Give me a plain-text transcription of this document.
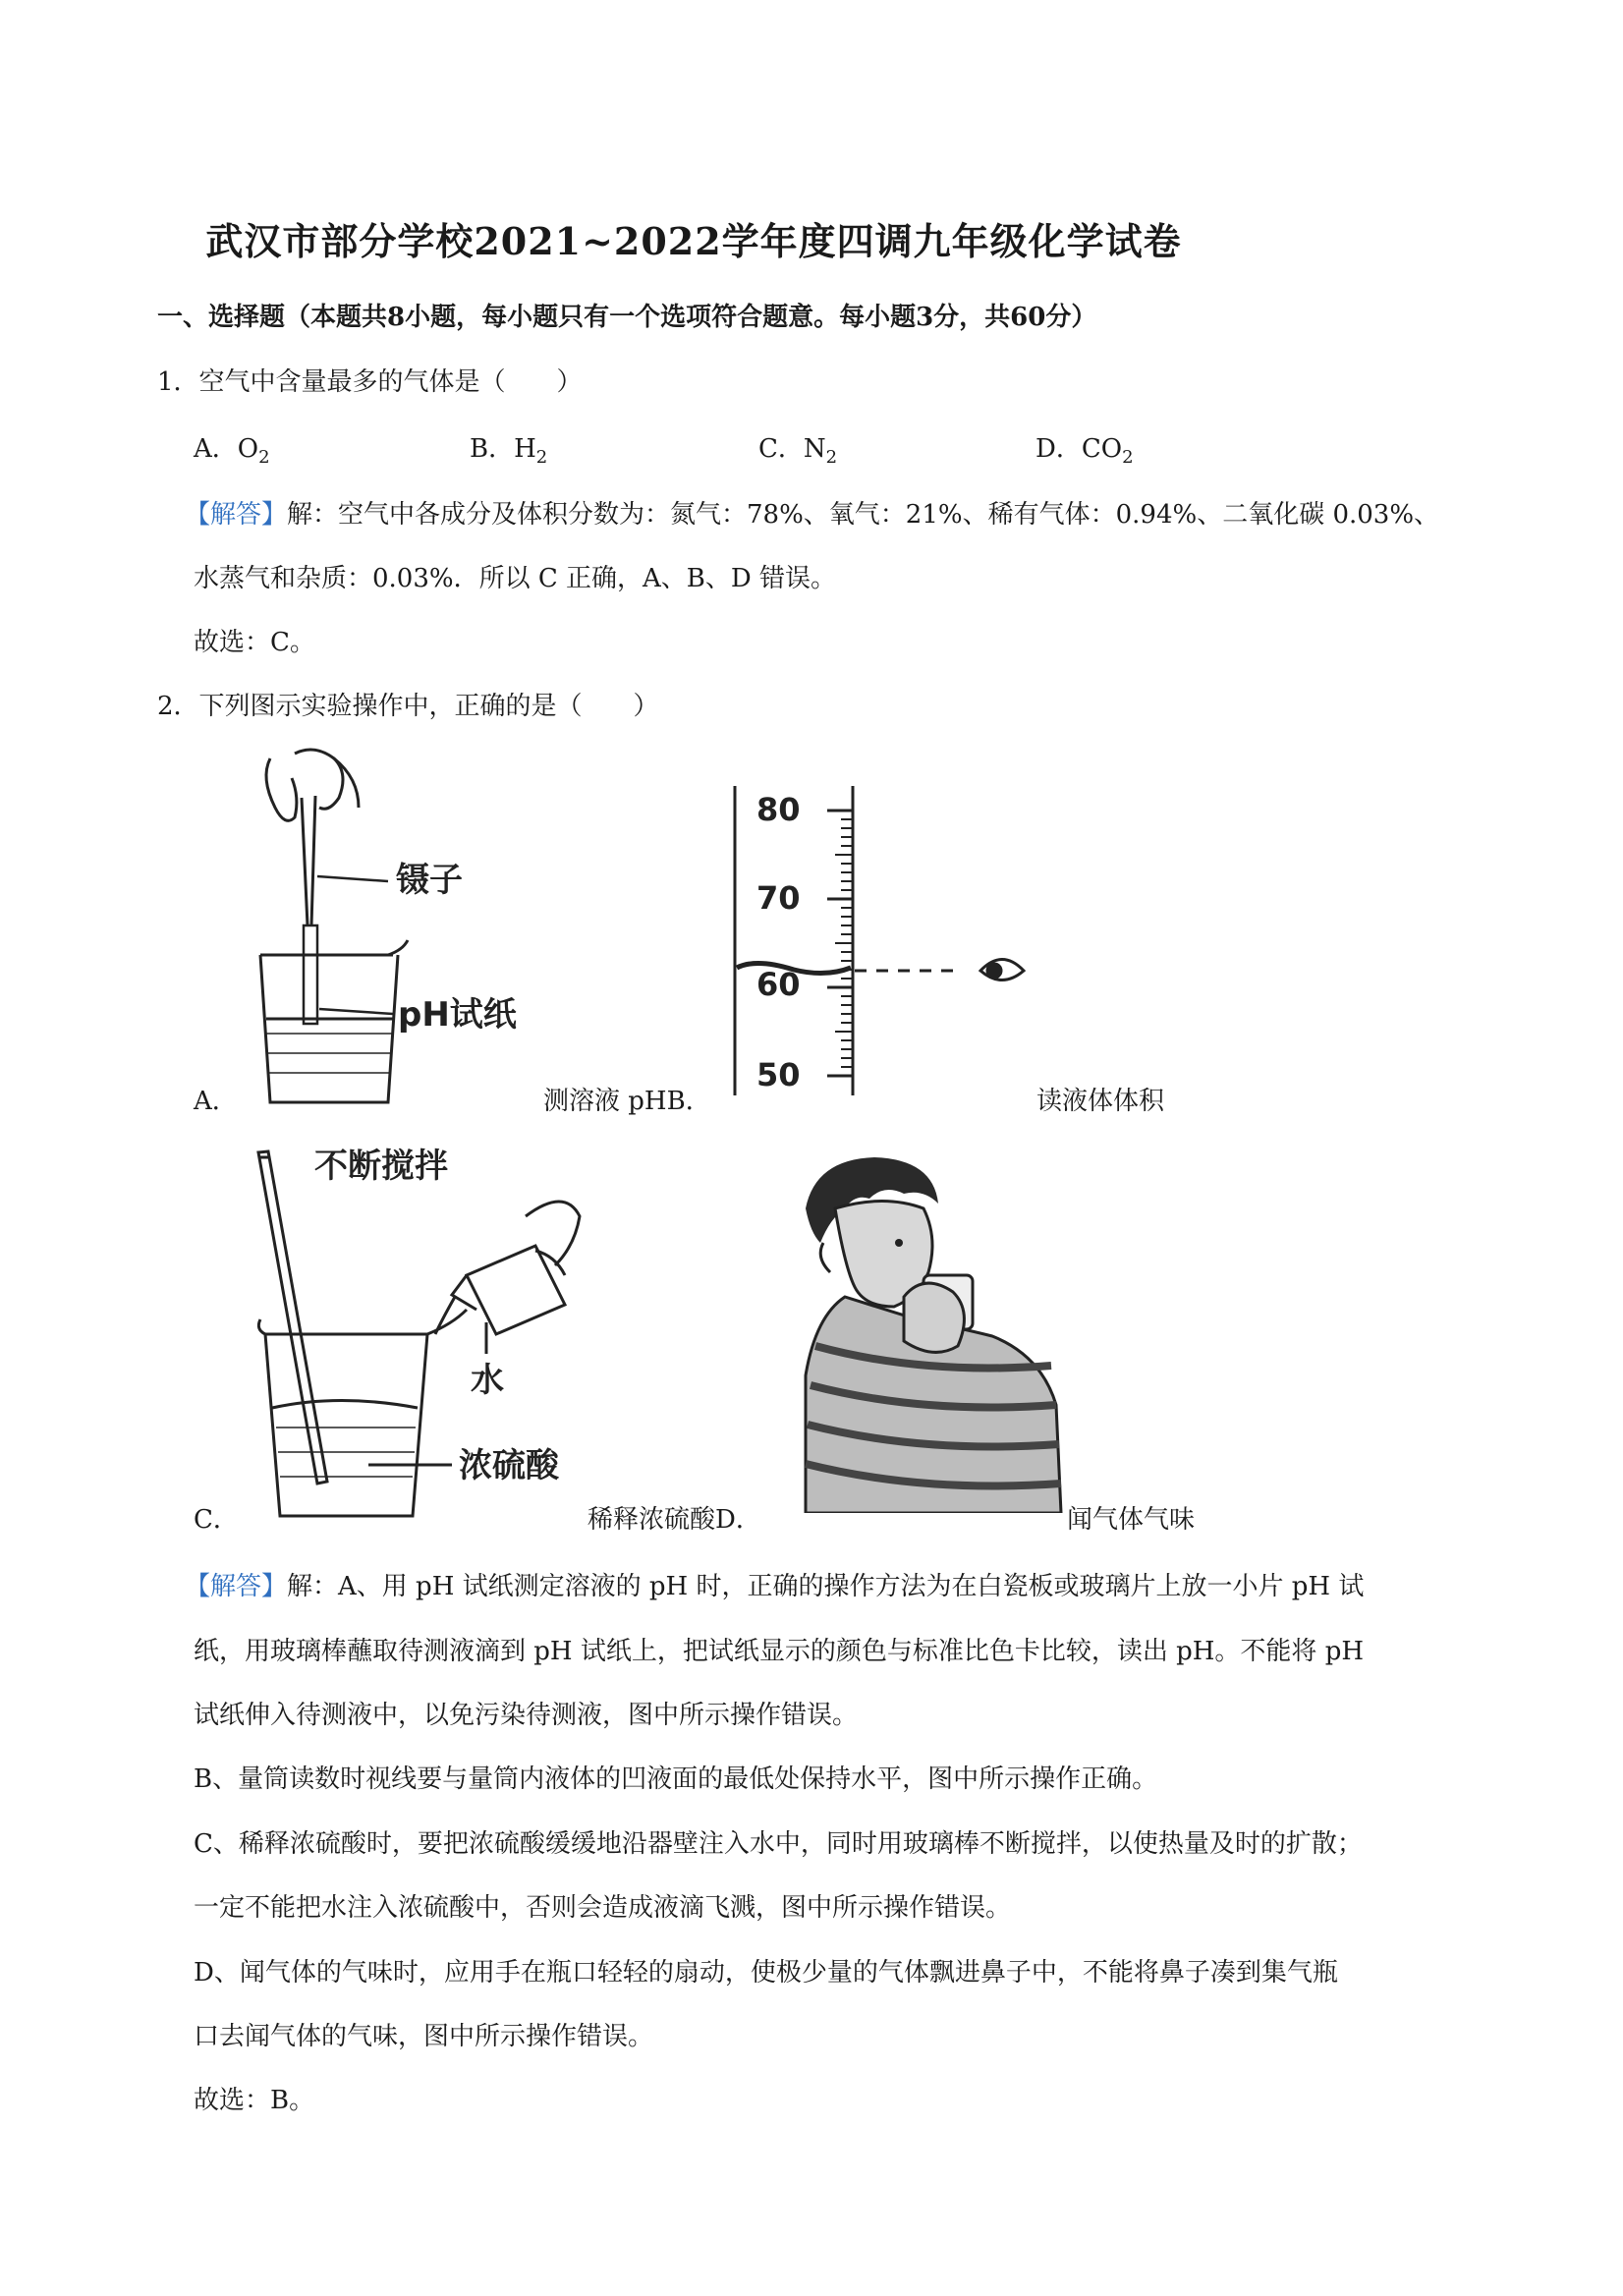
武汉市部分学校2021~2022学年度四调九年级化学试卷
一、选择题（本题共8小题，每小题只有一个选项符合题意。每小题3分，共60分）
1．空气中含量最多的气体是（　　）
A．$O_2$	B．$H_2$	C．$N_2$	D．$CO_2$
【解答】解：空气中各成分及体积分数为：氮气：78%、氧气：21%、稀有气体：0.94%、二氧化碳 0.03%、
水蒸气和杂质：0.03%．所以 C 正确，A、B、D 错误。
故选：C。
2．下列图示实验操作中，正确的是（　　）
镊子
pH试纸
A．	测溶液 pHB．
80
70
60
50
读液体体积
不断搅拌
水
浓硫酸
C．	稀释浓硫酸D．	闻气体气味
【解答】解：A、用 pH 试纸测定溶液的 pH 时，正确的操作方法为在白瓷板或玻璃片上放一小片 pH 试
纸，用玻璃棒蘸取待测液滴到 pH 试纸上，把试纸显示的颜色与标准比色卡比较，读出 pH。不能将 pH
试纸伸入待测液中，以免污染待测液，图中所示操作错误。
B、量筒读数时视线要与量筒内液体的凹液面的最低处保持水平，图中所示操作正确。
C、稀释浓硫酸时，要把浓硫酸缓缓地沿器壁注入水中，同时用玻璃棒不断搅拌，以使热量及时的扩散；
一定不能把水注入浓硫酸中，否则会造成液滴飞溅，图中所示操作错误。
D、闻气体的气味时，应用手在瓶口轻轻的扇动，使极少量的气体飘进鼻子中，不能将鼻子凑到集气瓶
口去闻气体的气味，图中所示操作错误。
故选：B。
